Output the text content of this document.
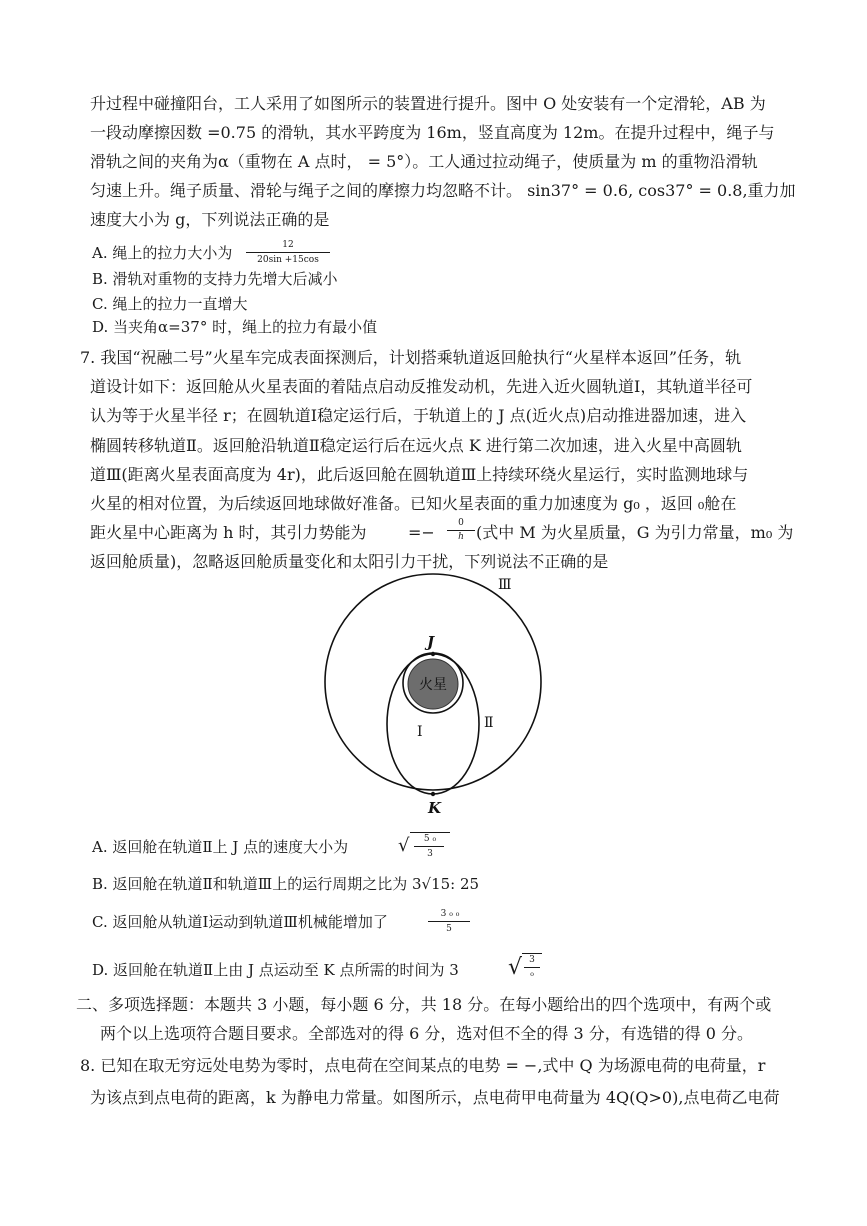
升过程中碰撞阳台，工人采用了如图所示的装置进行提升。图中 O 处安装有一个定滑轮，AB 为
一段动摩擦因数 =0.75 的滑轨，其水平跨度为 16m，竖直高度为 12m。在提升过程中，绳子与
滑轨之间的夹角为α（重物在 A 点时， = 5°）。工人通过拉动绳子，使质量为 m 的重物沿滑轨
匀速上升。绳子质量、滑轮与绳子之间的摩擦力均忽略不计。 sin37° = 0.6, cos37° = 0.8,重力加
速度大小为 g，下列说法正确的是
A. 绳上的拉力大小为	12
20sin +15cos
B. 滑轨对重物的支持力先增大后减小
C. 绳上的拉力一直增大
D. 当夹角α=37° 时，绳上的拉力有最小值
7. 我国“祝融二号”火星车完成表面探测后，计划搭乘轨道返回舱执行“火星样本返回”任务，轨
道设计如下：返回舱从火星表面的着陆点启动反推发动机，先进入近火圆轨道Ⅰ，其轨道半径可
认为等于火星半径 r；在圆轨道Ⅰ稳定运行后，于轨道上的 J 点(近火点)启动推进器加速，进入
椭圆转移轨道Ⅱ。返回舱沿轨道Ⅱ稳定运行后在远火点 K 进行第二次加速，进入火星中高圆轨
道Ⅲ(距离火星表面高度为 4r)，此后返回舱在圆轨道Ⅲ上持续环绕火星运行，实时监测地球与
火星的相对位置，为后续返回地球做好准备。已知火星表面的重力加速度为 g₀ ，返回 ₀舱在
距火星中心距离为 h 时，其引力势能为	=−	0
h (式中 M 为火星质量，G 为引力常量，m₀ 为
返回舱质量)，忽略返回舱质量变化和太阳引力干扰，下列说法不正确的是
火星
J
K
Ⅲ
Ⅱ
Ⅰ
A. 返回舱在轨道Ⅱ上 J 点的速度大小为	√	5 ₀
3
B. 返回舱在轨道Ⅱ和轨道Ⅲ上的运行周期之比为 3√15: 25
C. 返回舱从轨道Ⅰ运动到轨道Ⅲ机械能增加了	3 ₀ ₀
5
D. 返回舱在轨道Ⅱ上由 J 点运动至 K 点所需的时间为 3 √ 3
₀
二、多项选择题：本题共 3 小题，每小题 6 分，共 18 分。在每小题给出的四个选项中，有两个或
两个以上选项符合题目要求。全部选对的得 6 分，选对但不全的得 3 分，有选错的得 0 分。
8. 已知在取无穷远处电势为零时，点电荷在空间某点的电势 = −,式中 Q 为场源电荷的电荷量，r
为该点到点电荷的距离，k 为静电力常量。如图所示，点电荷甲电荷量为 4Q(Q>0),点电荷乙电荷
